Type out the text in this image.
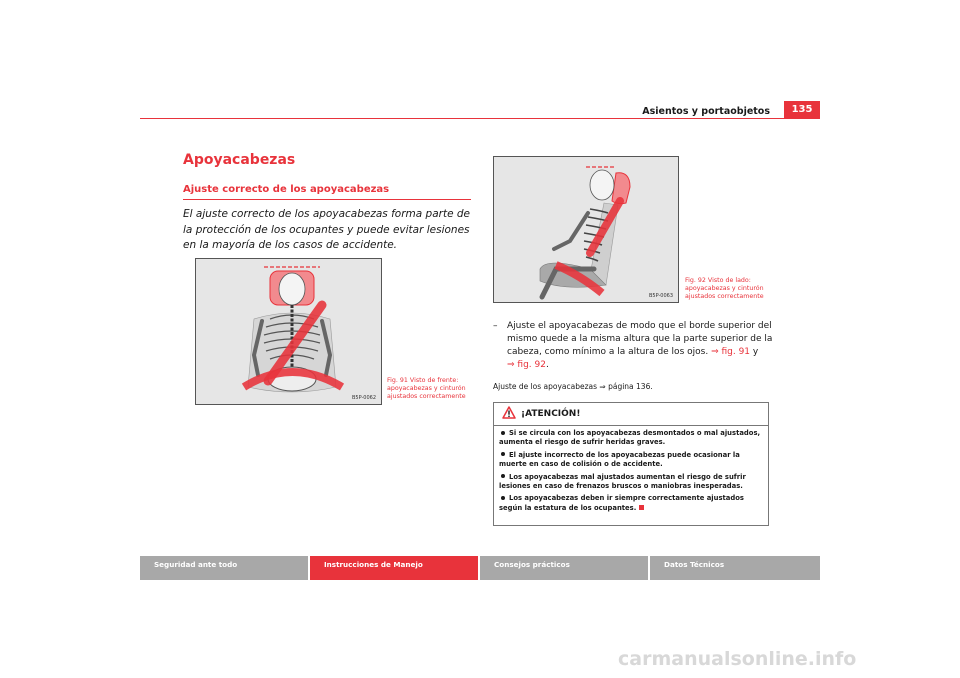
Asientos y portaobjetos	135
Apoyacabezas
Ajuste correcto de los apoyacabezas
El ajuste correcto de los apoyacabezas forma parte de la protección de los ocupantes y puede evitar lesiones en la mayoría de los casos de accidente.
B5P-0062
Fig. 91 Visto de frente:
apoyacabezas y cinturón
ajustados correctamente
B5P-0063
Fig. 92 Visto de lado:
apoyacabezas y cinturón
ajustados correctamente
–	Ajuste el apoyacabezas de modo que el borde superior del mismo quede a la misma altura que la parte superior de la cabeza, como mínimo a la altura de los ojos. ⇒ fig. 91 y
⇒ fig. 92.
Ajuste de los apoyacabezas ⇒ página 136.
¡ATENCIÓN!
Si se circula con los apoyacabezas desmontados o mal ajustados, aumenta el riesgo de sufrir heridas graves.
El ajuste incorrecto de los apoyacabezas puede ocasionar la muerte en caso de colisión o de accidente.
Los apoyacabezas mal ajustados aumentan el riesgo de sufrir lesiones en caso de frenazos bruscos o maniobras inesperadas.
Los apoyacabezas deben ir siempre correctamente ajustados según la estatura de los ocupantes.
Seguridad ante todo	Instrucciones de Manejo	Consejos prácticos	Datos Técnicos
carmanualsonline.info
